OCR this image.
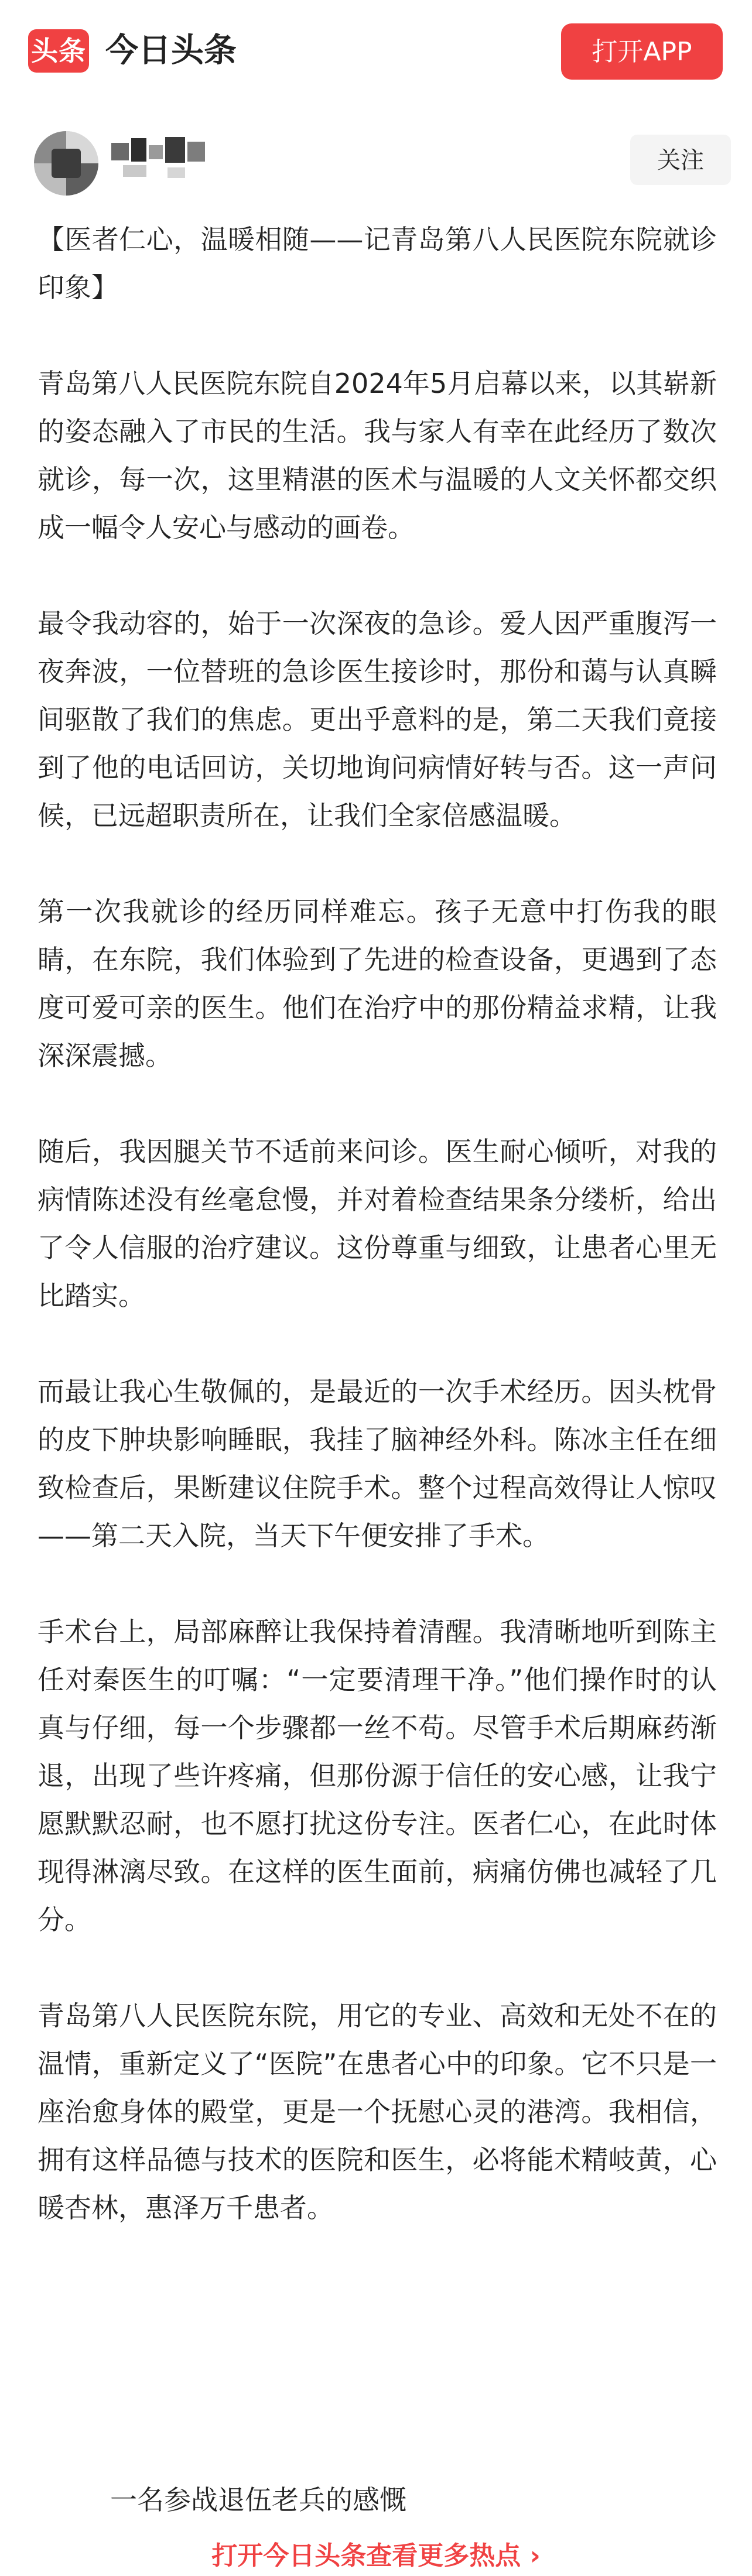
头条 今日头条	打开APP
关注

【医者仁心，温暖相随——记青岛第八人民医院东院就诊印象】

青岛第八人民医院东院自2024年5月启幕以来，以其崭新的姿态融入了市民的生活。我与家人有幸在此经历了数次就诊，每一次，这里精湛的医术与温暖的人文关怀都交织成一幅令人安心与感动的画卷。

最令我动容的，始于一次深夜的急诊。爱人因严重腹泻一夜奔波，一位替班的急诊医生接诊时，那份和蔼与认真瞬间驱散了我们的焦虑。更出乎意料的是，第二天我们竟接到了他的电话回访，关切地询问病情好转与否。这一声问候，已远超职责所在，让我们全家倍感温暖。

第一次我就诊的经历同样难忘。孩子无意中打伤我的眼睛，在东院，我们体验到了先进的检查设备，更遇到了态度可爱可亲的医生。他们在治疗中的那份精益求精，让我深深震撼。

随后，我因腿关节不适前来问诊。医生耐心倾听，对我的病情陈述没有丝毫怠慢，并对着检查结果条分缕析，给出了令人信服的治疗建议。这份尊重与细致，让患者心里无比踏实。

而最让我心生敬佩的，是最近的一次手术经历。因头枕骨的皮下肿块影响睡眠，我挂了脑神经外科。陈冰主任在细致检查后，果断建议住院手术。整个过程高效得让人惊叹——第二天入院，当天下午便安排了手术。

手术台上，局部麻醉让我保持着清醒。我清晰地听到陈主任对秦医生的叮嘱：“一定要清理干净。”他们操作时的认真与仔细，每一个步骤都一丝不苟。尽管手术后期麻药渐退，出现了些许疼痛，但那份源于信任的安心感，让我宁愿默默忍耐，也不愿打扰这份专注。医者仁心，在此时体现得淋漓尽致。在这样的医生面前，病痛仿佛也减轻了几分。

青岛第八人民医院东院，用它的专业、高效和无处不在的温情，重新定义了“医院”在患者心中的印象。它不只是一座治愈身体的殿堂，更是一个抚慰心灵的港湾。我相信，拥有这样品德与技术的医院和医生，必将能术精岐黄，心暖杏林，惠泽万千患者。

一名参战退伍老兵的感慨
打开今日头条查看更多热点 ›
